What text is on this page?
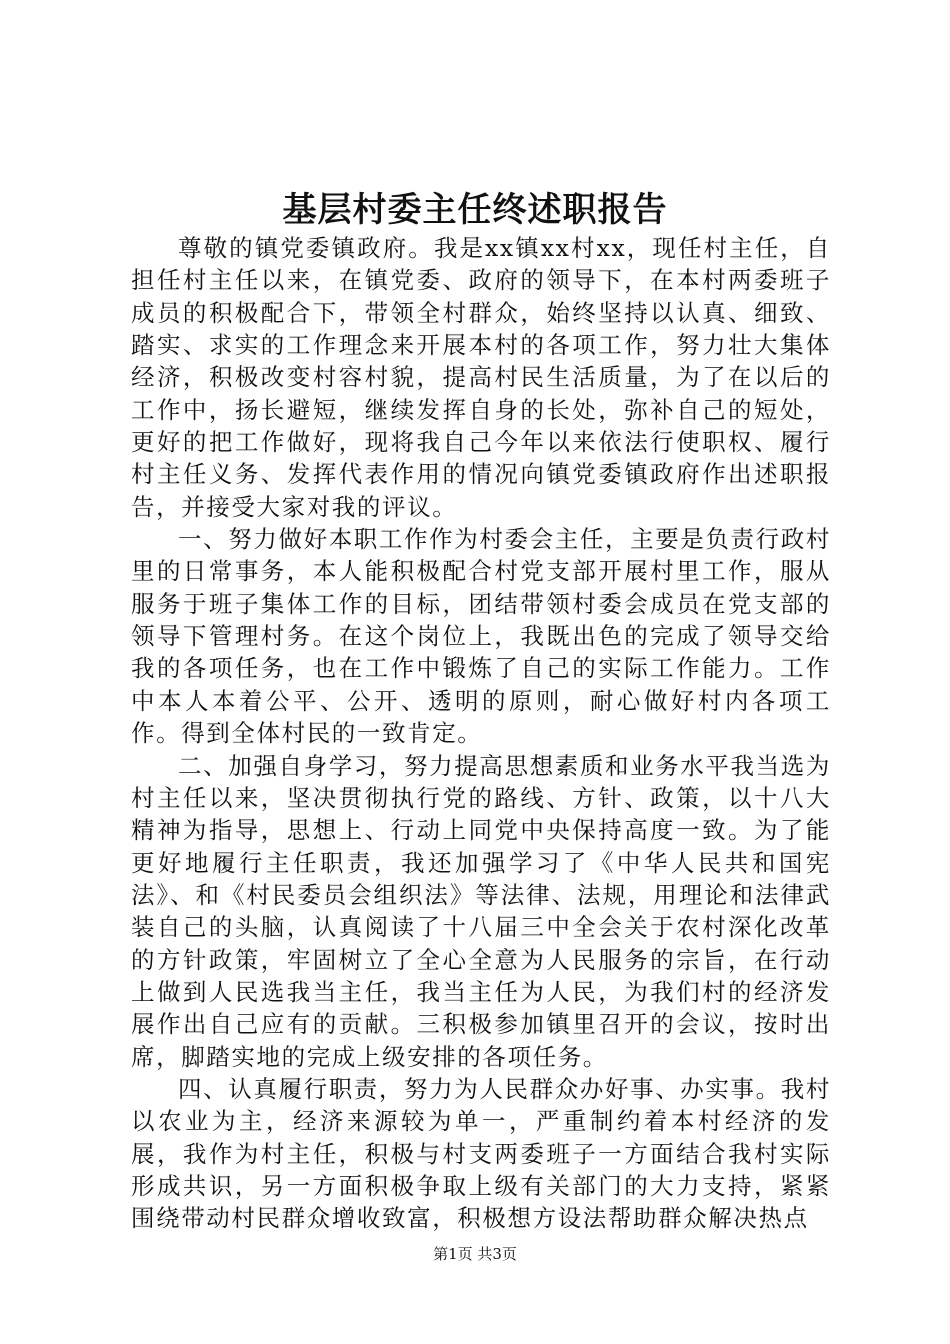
基层村委主任终述职报告

尊敬的镇党委镇政府。我是xx镇xx村xx，现任村主任，自担任村主任以来，在镇党委、政府的领导下，在本村两委班子成员的积极配合下，带领全村群众，始终坚持以认真、细致、踏实、求实的工作理念来开展本村的各项工作，努力壮大集体经济，积极改变村容村貌，提高村民生活质量，为了在以后的工作中，扬长避短，继续发挥自身的长处，弥补自己的短处，更好的把工作做好，现将我自己今年以来依法行使职权、履行村主任义务、发挥代表作用的情况向镇党委镇政府作出述职报告，并接受大家对我的评议。

一、努力做好本职工作作为村委会主任，主要是负责行政村里的日常事务，本人能积极配合村党支部开展村里工作，服从服务于班子集体工作的目标，团结带领村委会成员在党支部的领导下管理村务。在这个岗位上，我既出色的完成了领导交给我的各项任务，也在工作中锻炼了自己的实际工作能力。工作中本人本着公平、公开、透明的原则，耐心做好村内各项工作。得到全体村民的一致肯定。

二、加强自身学习，努力提高思想素质和业务水平我当选为村主任以来，坚决贯彻执行党的路线、方针、政策，以十八大精神为指导，思想上、行动上同党中央保持高度一致。为了能更好地履行主任职责，我还加强学习了《中华人民共和国宪法》、和《村民委员会组织法》等法律、法规，用理论和法律武装自己的头脑，认真阅读了十八届三中全会关于农村深化改革的方针政策，牢固树立了全心全意为人民服务的宗旨，在行动上做到人民选我当主任，我当主任为人民，为我们村的经济发展作出自己应有的贡献。三积极参加镇里召开的会议，按时出席，脚踏实地的完成上级安排的各项任务。

四、认真履行职责，努力为人民群众办好事、办实事。我村以农业为主，经济来源较为单一，严重制约着本村经济的发展，我作为村主任，积极与村支两委班子一方面结合我村实际形成共识，另一方面积极争取上级有关部门的大力支持，紧紧围绕带动村民群众增收致富，积极想方设法帮助群众解决热点

第1页 共3页
